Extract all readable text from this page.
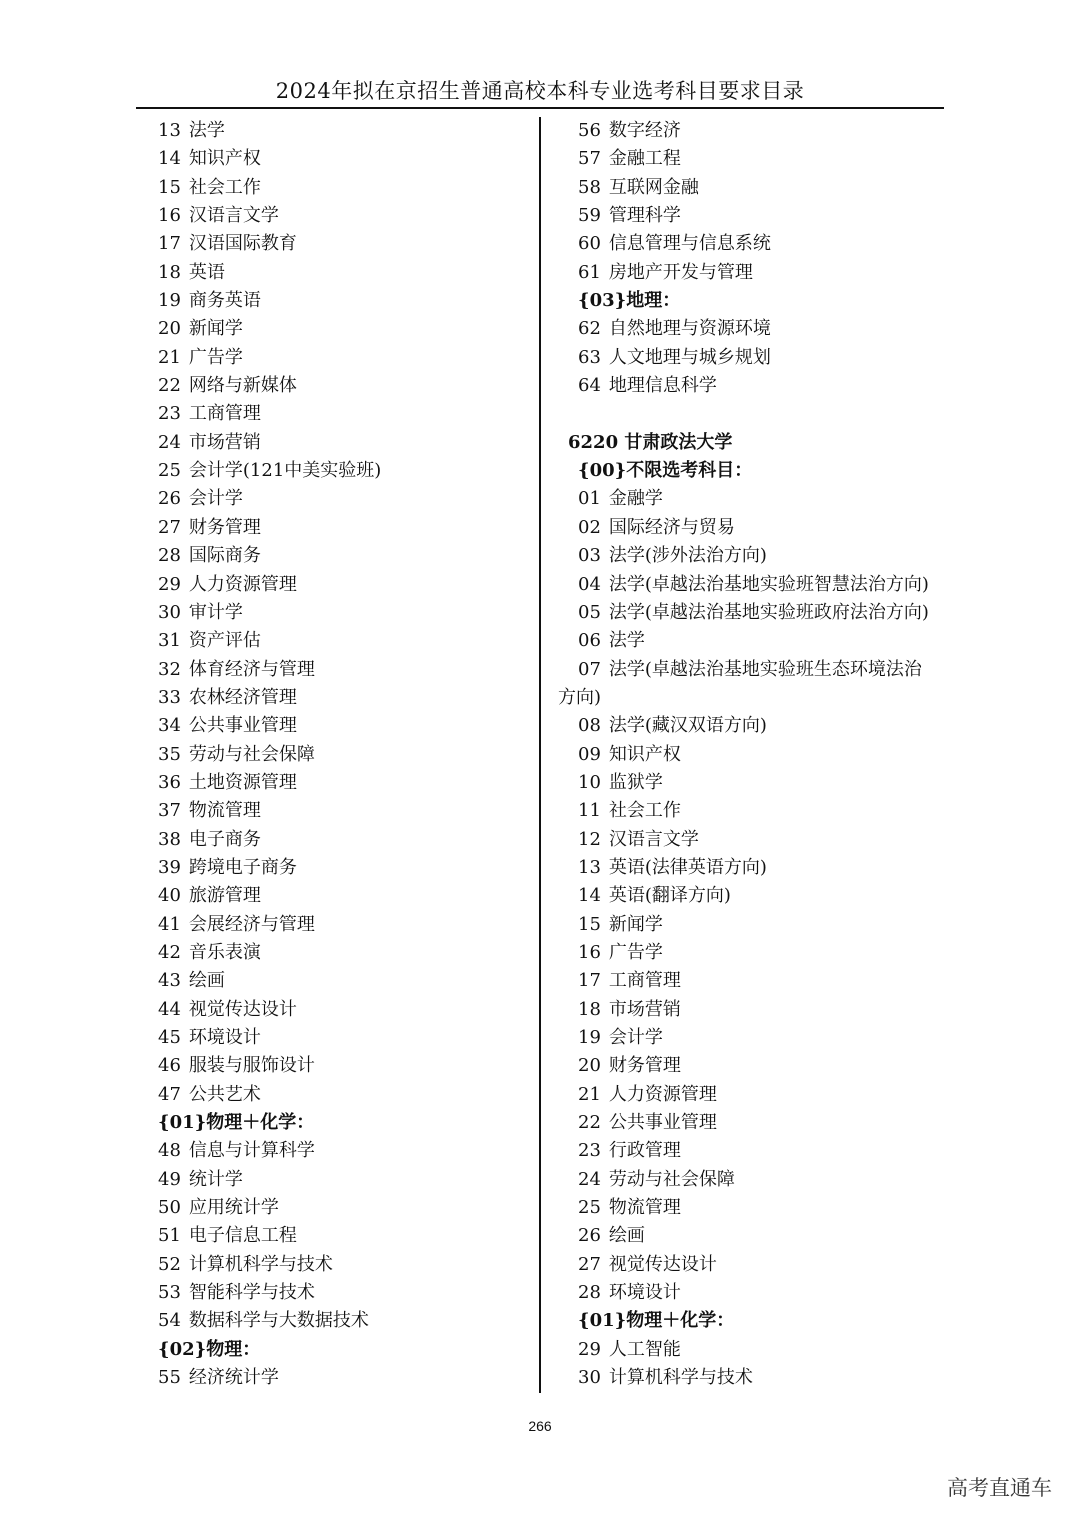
2024年拟在京招生普通高校本科专业选考科目要求目录
13 法学
14 知识产权
15 社会工作
16 汉语言文学
17 汉语国际教育
18 英语
19 商务英语
20 新闻学
21 广告学
22 网络与新媒体
23 工商管理
24 市场营销
25 会计学(121中美实验班)
26 会计学
27 财务管理
28 国际商务
29 人力资源管理
30 审计学
31 资产评估
32 体育经济与管理
33 农林经济管理
34 公共事业管理
35 劳动与社会保障
36 土地资源管理
37 物流管理
38 电子商务
39 跨境电子商务
40 旅游管理
41 会展经济与管理
42 音乐表演
43 绘画
44 视觉传达设计
45 环境设计
46 服装与服饰设计
47 公共艺术
{01}物理＋化学：
48 信息与计算科学
49 统计学
50 应用统计学
51 电子信息工程
52 计算机科学与技术
53 智能科学与技术
54 数据科学与大数据技术
{02}物理：
55 经济统计学
56 数字经济
57 金融工程
58 互联网金融
59 管理科学
60 信息管理与信息系统
61 房地产开发与管理
{03}地理：
62 自然地理与资源环境
63 人文地理与城乡规划
64 地理信息科学
6220 甘肃政法大学
{00}不限选考科目：
01 金融学
02 国际经济与贸易
03 法学(涉外法治方向)
04 法学(卓越法治基地实验班智慧法治方向)
05 法学(卓越法治基地实验班政府法治方向)
06 法学
07 法学(卓越法治基地实验班生态环境法治
方向)
08 法学(藏汉双语方向)
09 知识产权
10 监狱学
11 社会工作
12 汉语言文学
13 英语(法律英语方向)
14 英语(翻译方向)
15 新闻学
16 广告学
17 工商管理
18 市场营销
19 会计学
20 财务管理
21 人力资源管理
22 公共事业管理
23 行政管理
24 劳动与社会保障
25 物流管理
26 绘画
27 视觉传达设计
28 环境设计
{01}物理＋化学：
29 人工智能
30 计算机科学与技术
266
高考直通车
